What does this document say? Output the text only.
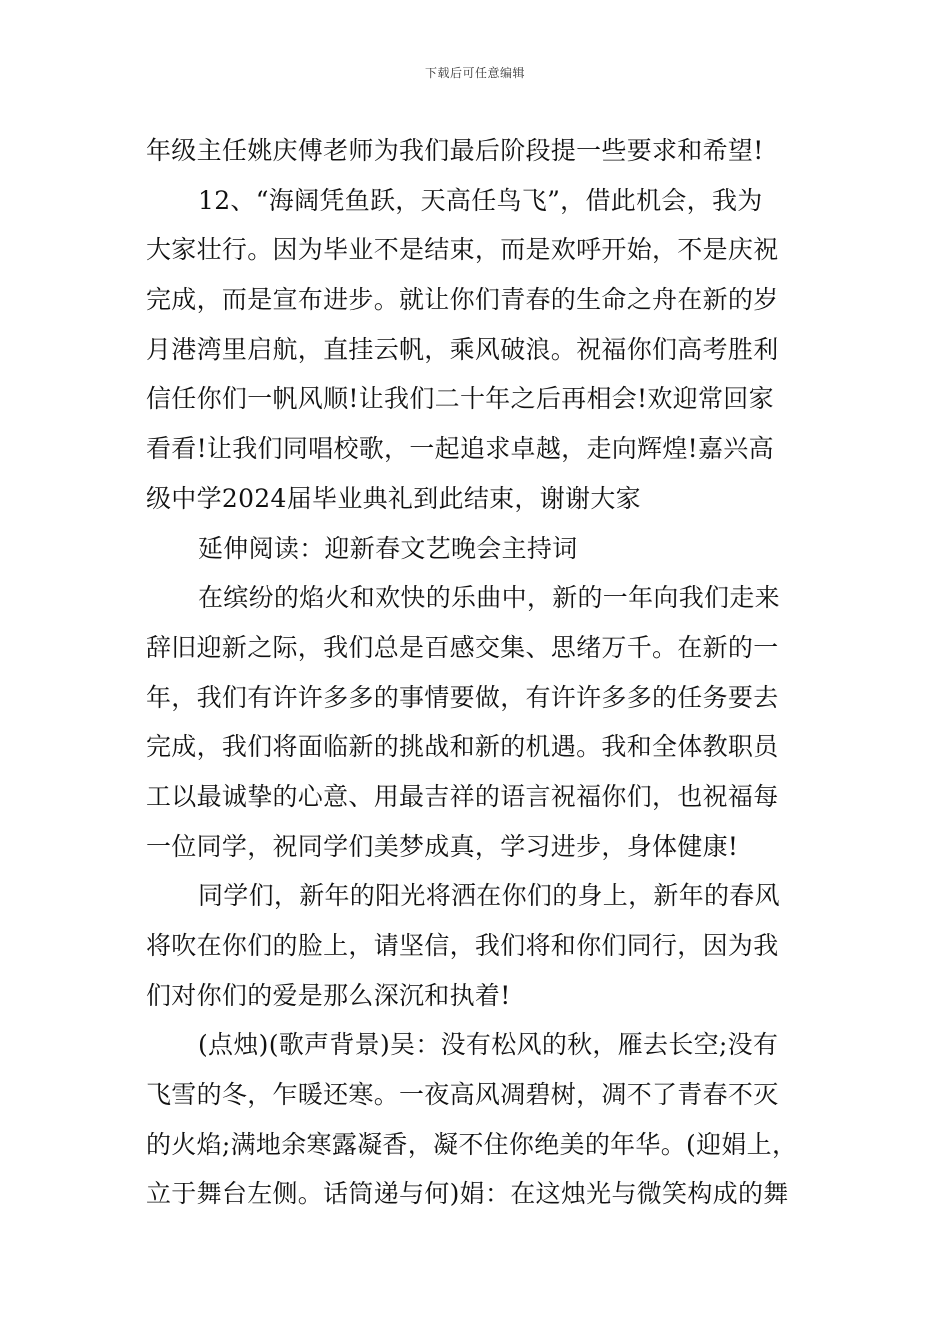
下载后可任意编辑
年级主任姚庆傅老师为我们最后阶段提一些要求和希望!
12、“海阔凭鱼跃，天高任鸟飞”，借此机会，我为
大家壮行。因为毕业不是结束，而是欢呼开始，不是庆祝
完成，而是宣布进步。就让你们青春的生命之舟在新的岁
月港湾里启航，直挂云帆，乘风破浪。祝福你们高考胜利
信任你们一帆风顺!让我们二十年之后再相会!欢迎常回家
看看!让我们同唱校歌，一起追求卓越，走向辉煌!嘉兴高
级中学2024届毕业典礼到此结束，谢谢大家
延伸阅读：迎新春文艺晚会主持词
在缤纷的焰火和欢快的乐曲中，新的一年向我们走来
辞旧迎新之际，我们总是百感交集、思绪万千。在新的一
年，我们有许许多多的事情要做，有许许多多的任务要去
完成，我们将面临新的挑战和新的机遇。我和全体教职员
工以最诚挚的心意、用最吉祥的语言祝福你们，也祝福每
一位同学，祝同学们美梦成真，学习进步，身体健康!
同学们，新年的阳光将洒在你们的身上，新年的春风
将吹在你们的脸上，请坚信，我们将和你们同行，因为我
们对你们的爱是那么深沉和执着!
(点烛)(歌声背景)吴：没有松风的秋，雁去长空;没有
飞雪的冬，乍暖还寒。一夜高风凋碧树，凋不了青春不灭
的火焰;满地余寒露凝香，凝不住你绝美的年华。(迎娟上，
立于舞台左侧。话筒递与何)娟：在这烛光与微笑构成的舞
